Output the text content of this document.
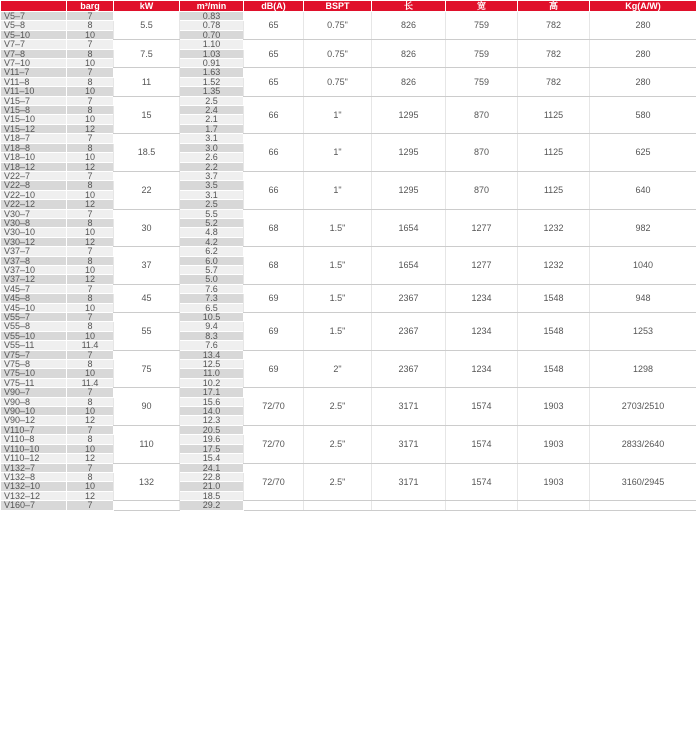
	barg	kW	m³/min	dB(A)	BSPT	长	宽	高	Kg(A/W)
V5–7	7	5.5	0.83	65	0.75"	826	759	782	280
V5–8	8		0.78						
V5–10	10		0.70						
V7–7	7	7.5	1.10	65	0.75"	826	759	782	280
V7–8	8		1.03						
V7–10	10		0.91						
V11–7	7	11	1.63	65	0.75"	826	759	782	280
V11–8	8		1.52						
V11–10	10		1.35						
V15–7	7	15	2.5	66	1"	1295	870	1125	580
V15–8	8		2.4						
V15–10	10		2.1						
V15–12	12		1.7						
V18–7	7	18.5	3.1	66	1"	1295	870	1125	625
V18–8	8		3.0						
V18–10	10		2.6						
V18–12	12		2.2						
V22–7	7	22	3.7	66	1"	1295	870	1125	640
V22–8	8		3.5						
V22–10	10		3.1						
V22–12	12		2.5						
V30–7	7	30	5.5	68	1.5"	1654	1277	1232	982
V30–8	8		5.2						
V30–10	10		4.8						
V30–12	12		4.2						
V37–7	7	37	6.2	68	1.5"	1654	1277	1232	1040
V37–8	8		6.0						
V37–10	10		5.7						
V37–12	12		5.0						
V45–7	7	45	7.6	69	1.5"	2367	1234	1548	948
V45–8	8		7.3						
V45–10	10		6.5						
V55–7	7	55	10.5	69	1.5"	2367	1234	1548	1253
V55–8	8		9.4						
V55–10	10		8.3						
V55–11	11.4		7.6						
V75–7	7	75	13.4	69	2"	2367	1234	1548	1298
V75–8	8		12.5						
V75–10	10		11.0						
V75–11	11.4		10.2						
V90–7	7	90	17.1	72/70	2.5"	3171	1574	1903	2703/2510
V90–8	8		15.6						
V90–10	10		14.0						
V90–12	12		12.3						
V110–7	7	110	20.5	72/70	2.5"	3171	1574	1903	2833/2640
V110–8	8		19.6						
V110–10	10		17.5						
V110–12	12		15.4						
V132–7	7	132	24.1	72/70	2.5"	3171	1574	1903	3160/2945
V132–8	8		22.8						
V132–10	10		21.0						
V132–12	12		18.5						
V160–7	7		29.2						
